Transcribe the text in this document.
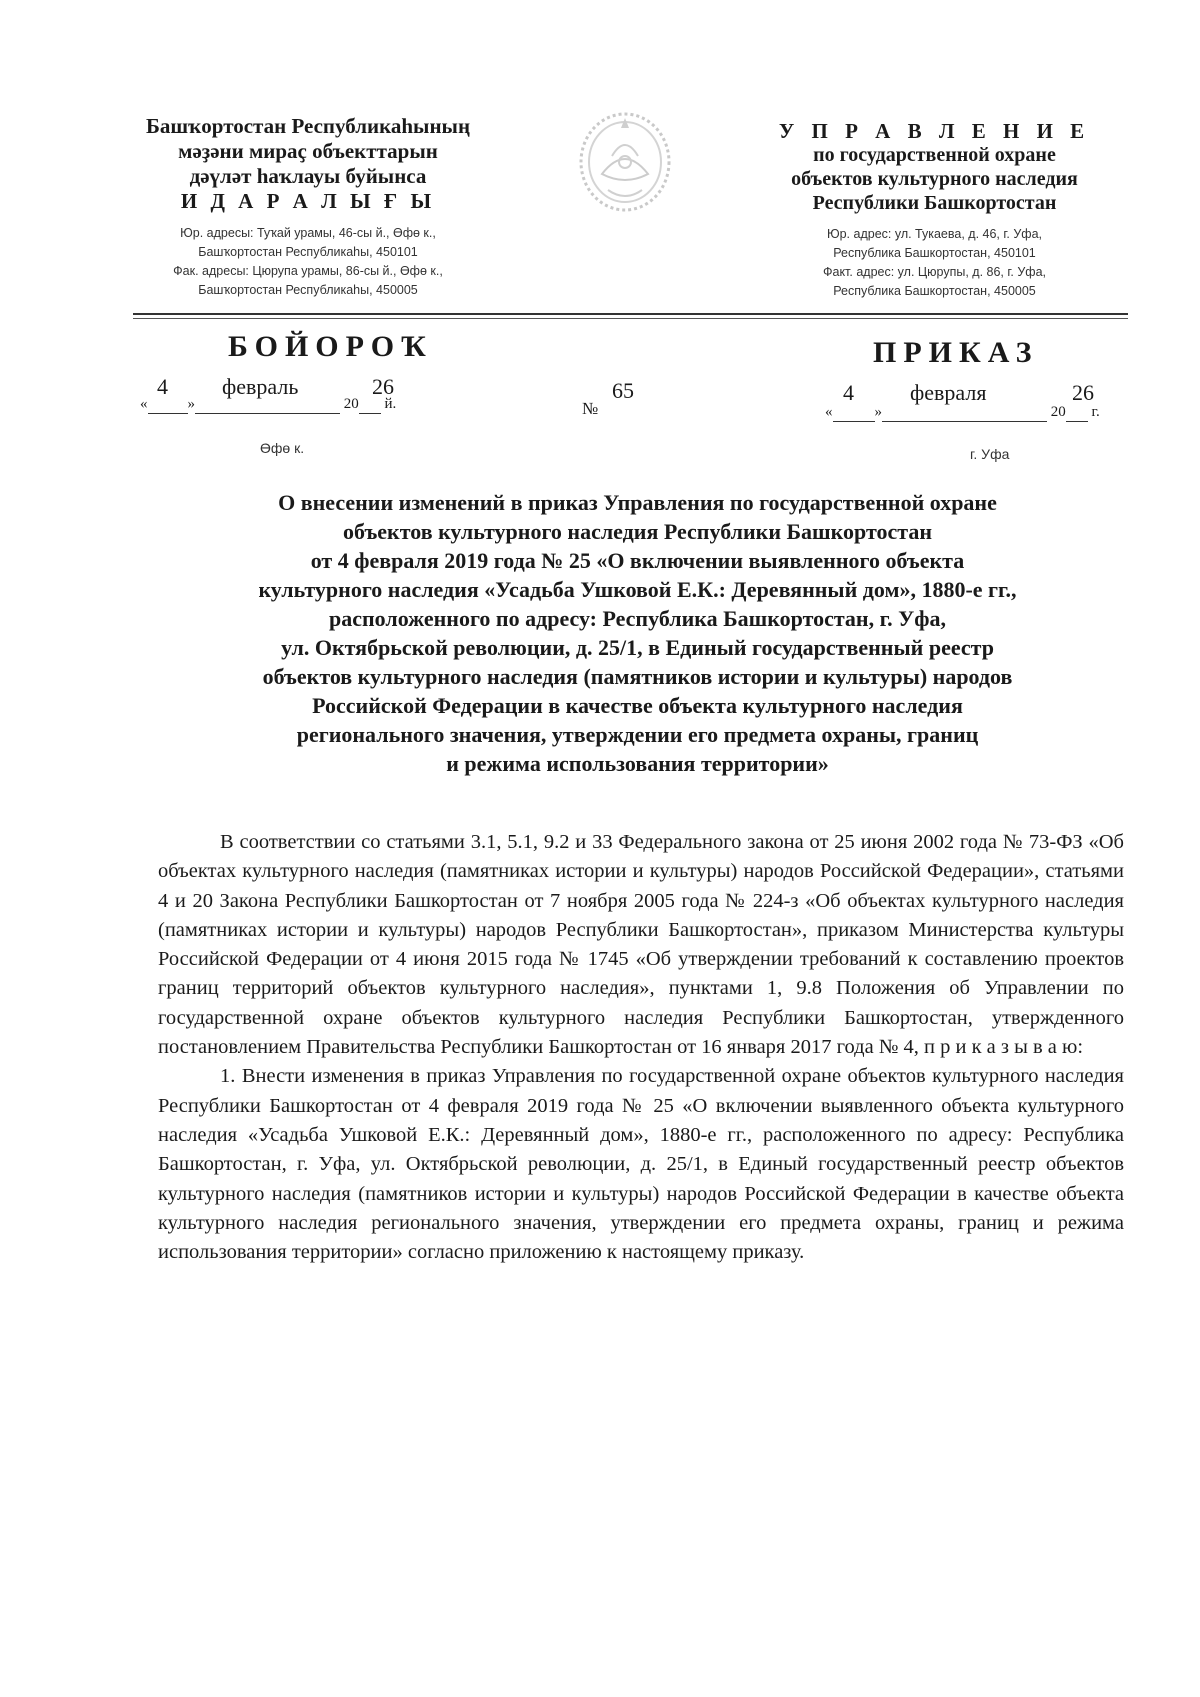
Башҡортостан Республикаһының
мәҙәни мираҫ объекттарын
дәүләт һаҡлауы буйынса
И Д А Р А Л Ы Ғ Ы
Юр. адресы: Туҡай урамы, 46-сы й., Өфө к.,
Башҡортостан Республикаһы, 450101
Фак. адресы: Цюрупа урамы, 86-сы й., Өфө к.,
Башҡортостан Республикаһы, 450005
У П Р А В Л Е Н И Е
по государственной охране
объектов культурного наследия
Республики Башкортостан
Юр. адрес: ул. Тукаева, д. 46, г. Уфа,
Республика Башкортостан, 450101
Факт. адрес: ул. Цюрупы, д. 86, г. Уфа,
Республика Башкортостан, 450005
БОЙОРОҠ	ПРИКАЗ
«	»	20 й.
4 февраль	26
№
65
«	»	20 г.
4	февраля	26
Өфө к.	г. Уфа
О внесении изменений в приказ Управления по государственной охране
объектов культурного наследия Республики Башкортостан
от 4 февраля 2019 года № 25 «О включении выявленного объекта
культурного наследия «Усадьба Ушковой Е.К.: Деревянный дом», 1880-е гг.,
расположенного по адресу: Республика Башкортостан, г. Уфа,
ул. Октябрьской революции, д. 25/1, в Единый государственный реестр
объектов культурного наследия (памятников истории и культуры) народов
Российской Федерации в качестве объекта культурного наследия
регионального значения, утверждении его предмета охраны, границ
и режима использования территории»

В соответствии со статьями 3.1, 5.1, 9.2 и 33 Федерального закона от 25 июня 2002 года № 73-ФЗ «Об объектах культурного наследия (памятниках истории и культуры) народов Российской Федерации», статьями 4 и 20 Закона Республики Башкортостан от 7 ноября 2005 года № 224-з «Об объектах культурного наследия (памятниках истории и культуры) народов Республики Башкортостан», приказом Министерства культуры Российской Федерации от 4 июня 2015 года № 1745 «Об утверждении требований к составлению проектов границ территорий объектов культурного наследия», пунктами 1, 9.8 Положения об Управлении по государственной охране объектов культурного наследия Республики Башкортостан, утвержденного постановлением Правительства Республики Башкортостан от 16 января 2017 года № 4, п р и к а з ы в а ю:

1. Внести изменения в приказ Управления по государственной охране объектов культурного наследия Республики Башкортостан от 4 февраля 2019 года № 25 «О включении выявленного объекта культурного наследия «Усадьба Ушковой Е.К.: Деревянный дом», 1880-е гг., расположенного по адресу: Республика Башкортостан, г. Уфа, ул. Октябрьской революции, д. 25/1, в Единый государственный реестр объектов культурного наследия (памятников истории и культуры) народов Российской Федерации в качестве объекта культурного наследия регионального значения, утверждении его предмета охраны, границ и режима использования территории» согласно приложению к настоящему приказу.
